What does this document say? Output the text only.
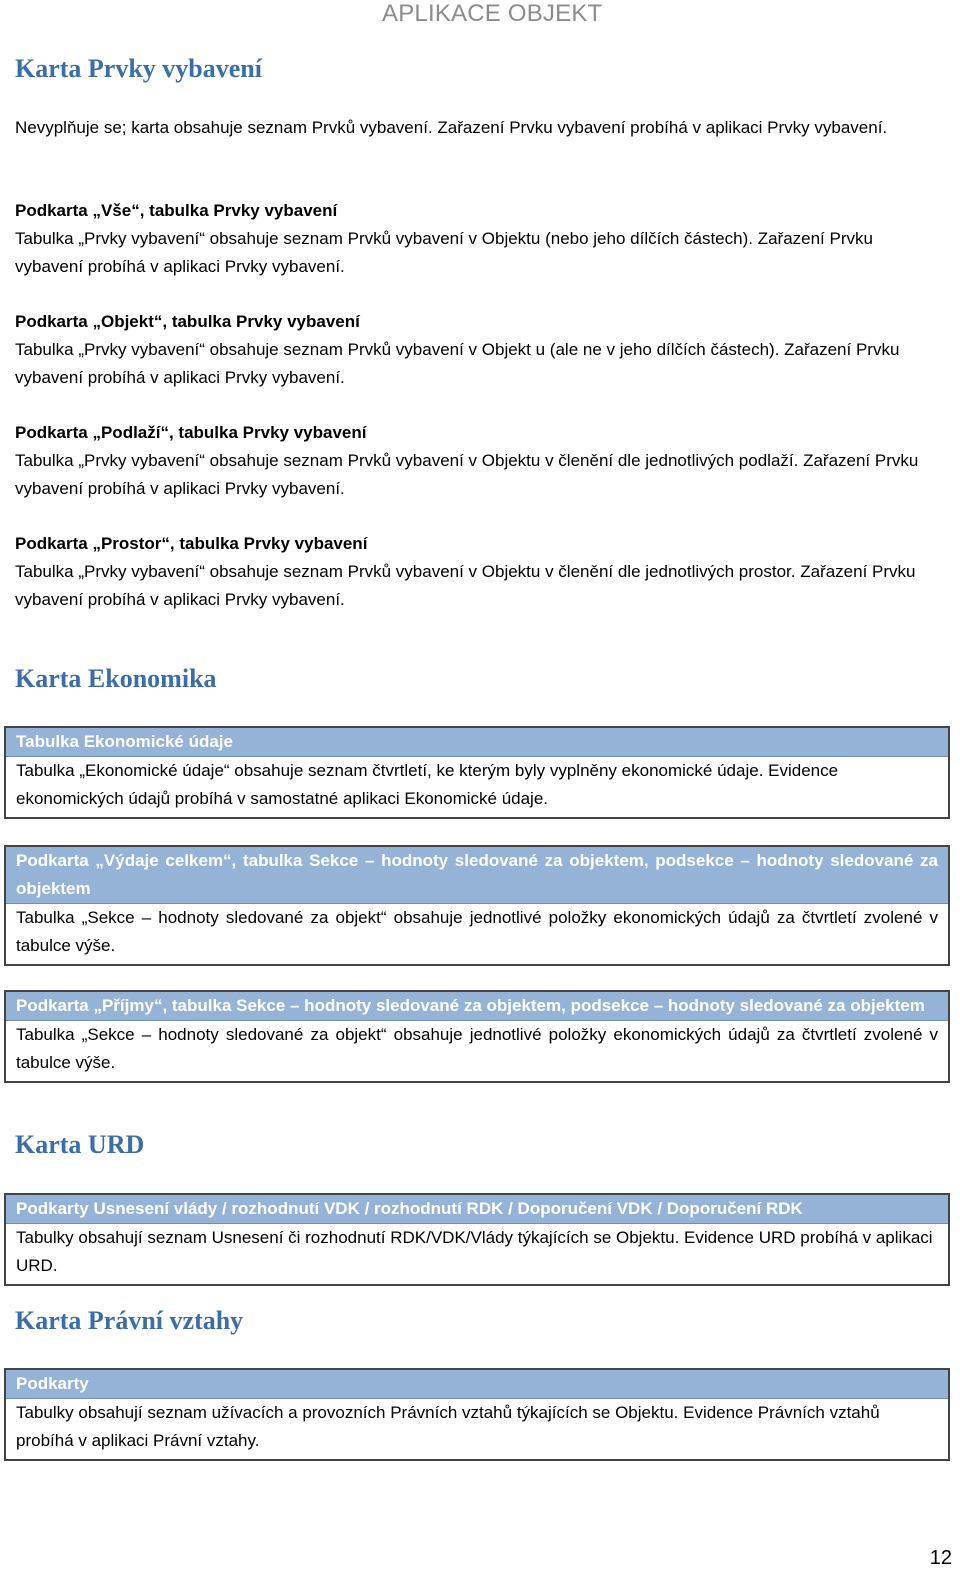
APLIKACE OBJEKT
Karta Prvky vybavení
Nevyplňuje se; karta obsahuje seznam Prvků vybavení. Zařazení Prvku vybavení probíhá v aplikaci Prvky vybavení.
Podkarta „Vše“, tabulka Prvky vybavení
Tabulka „Prvky vybavení“ obsahuje seznam Prvků vybavení v Objektu (nebo jeho dílčích částech). Zařazení Prvku vybavení probíhá v aplikaci Prvky vybavení.
Podkarta „Objekt“, tabulka Prvky vybavení
Tabulka „Prvky vybavení“ obsahuje seznam Prvků vybavení v Objekt u (ale ne v jeho dílčích částech). Zařazení Prvku vybavení probíhá v aplikaci Prvky vybavení.
Podkarta „Podlaží“, tabulka Prvky vybavení
Tabulka „Prvky vybavení“ obsahuje seznam Prvků vybavení v Objektu v členění dle jednotlivých podlaží. Zařazení Prvku vybavení probíhá v aplikaci Prvky vybavení.
Podkarta „Prostor“, tabulka Prvky vybavení
Tabulka „Prvky vybavení“ obsahuje seznam Prvků vybavení v Objektu v členění dle jednotlivých prostor. Zařazení Prvku vybavení probíhá v aplikaci Prvky vybavení.
Karta Ekonomika
Tabulka Ekonomické údaje
Tabulka „Ekonomické údaje“ obsahuje seznam čtvrtletí, ke kterým byly vyplněny ekonomické údaje. Evidence ekonomických údajů probíhá v samostatné aplikaci Ekonomické údaje.
Podkarta „Výdaje celkem“, tabulka Sekce – hodnoty sledované za objektem, podsekce – hodnoty sledované za objektem
Tabulka „Sekce – hodnoty sledované za objekt“ obsahuje jednotlivé položky ekonomických údajů za čtvrtletí zvolené v tabulce výše.
Podkarta „Příjmy“, tabulka Sekce – hodnoty sledované za objektem, podsekce – hodnoty sledované za objektem
Tabulka „Sekce – hodnoty sledované za objekt“ obsahuje jednotlivé položky ekonomických údajů za čtvrtletí zvolené v tabulce výše.
Karta URD
Podkarty Usnesení vlády / rozhodnutí VDK / rozhodnutí RDK / Doporučení VDK / Doporučení RDK
Tabulky obsahují seznam Usnesení či rozhodnutí RDK/VDK/Vlády týkajících se Objektu. Evidence URD probíhá v aplikaci URD.
Karta Právní vztahy
Podkarty
Tabulky obsahují seznam užívacích a provozních Právních vztahů týkajících se Objektu. Evidence Právních vztahů probíhá v aplikaci Právní vztahy.
12
